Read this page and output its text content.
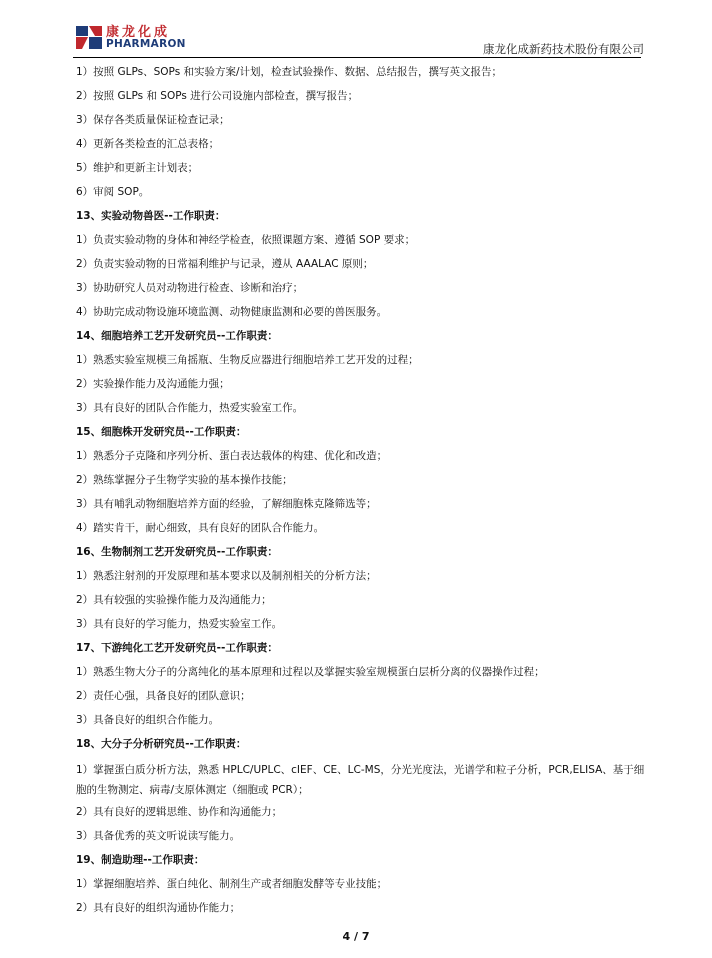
康龙化成
PHARMARON	康龙化成新药技术股份有限公司
1）按照 GLPs、SOPs 和实验方案/计划，检查试验操作、数据、总结报告，撰写英文报告；
2）按照 GLPs 和 SOPs 进行公司设施内部检查，撰写报告；
3）保存各类质量保证检查记录；
4）更新各类检查的汇总表格；
5）维护和更新主计划表；
6）审阅 SOP。
13、实验动物兽医--工作职责：
1）负责实验动物的身体和神经学检查，依照课题方案、遵循 SOP 要求；
2）负责实验动物的日常福利维护与记录，遵从 AAALAC 原则；
3）协助研究人员对动物进行检查、诊断和治疗；
4）协助完成动物设施环境监测、动物健康监测和必要的兽医服务。
14、细胞培养工艺开发研究员--工作职责：
1）熟悉实验室规模三角摇瓶、生物反应器进行细胞培养工艺开发的过程；
2）实验操作能力及沟通能力强；
3）具有良好的团队合作能力，热爱实验室工作。
15、细胞株开发研究员--工作职责：
1）熟悉分子克隆和序列分析、蛋白表达载体的构建、优化和改造；
2）熟练掌握分子生物学实验的基本操作技能；
3）具有哺乳动物细胞培养方面的经验，了解细胞株克隆筛选等；
4）踏实肯干，耐心细致，具有良好的团队合作能力。
16、生物制剂工艺开发研究员--工作职责：
1）熟悉注射剂的开发原理和基本要求以及制剂相关的分析方法；
2）具有较强的实验操作能力及沟通能力；
3）具有良好的学习能力，热爱实验室工作。
17、下游纯化工艺开发研究员--工作职责：
1）熟悉生物大分子的分离纯化的基本原理和过程以及掌握实验室规模蛋白层析分离的仪器操作过程；
2）责任心强，具备良好的团队意识；
3）具备良好的组织合作能力。
18、大分子分析研究员--工作职责：
1）掌握蛋白质分析方法，熟悉 HPLC/UPLC、cIEF、CE、LC-MS，分光光度法，光谱学和粒子分析，PCR,ELISA、基于细胞的生物测定、病毒/支原体测定（细胞或 PCR）；
2）具有良好的逻辑思维、协作和沟通能力；
3）具备优秀的英文听说读写能力。
19、制造助理--工作职责：
1）掌握细胞培养、蛋白纯化、制剂生产或者细胞发酵等专业技能；
2）具有良好的组织沟通协作能力；
4 / 7
